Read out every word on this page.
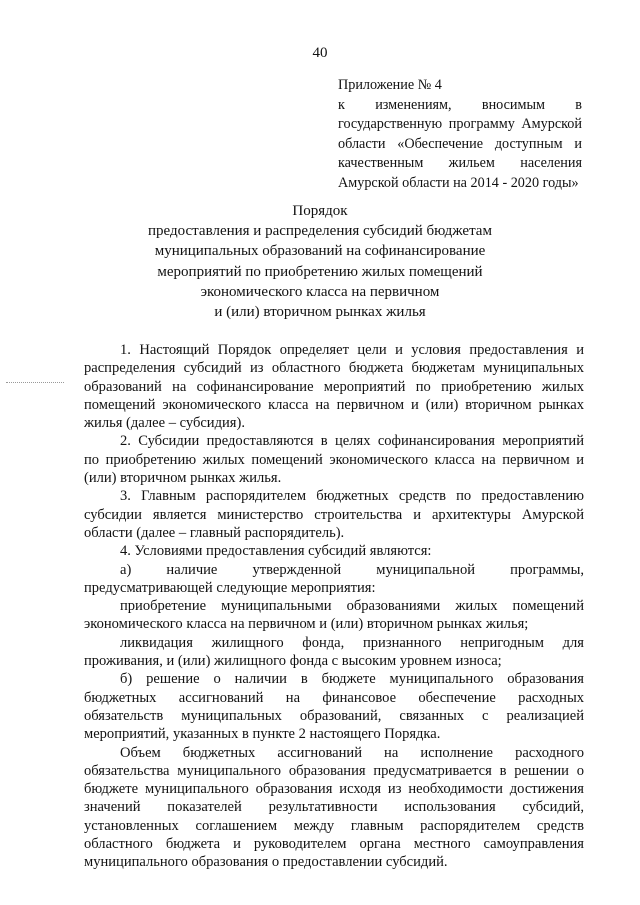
40
Приложение № 4
к изменениям, вносимым в
государственную программу Амурской
области «Обеспечение доступным и
качественным жильем населения
Амурской области на 2014 - 2020 годы»
Порядок
предоставления и распределения субсидий бюджетам
муниципальных образований на софинансирование
мероприятий по приобретению жилых помещений
экономического класса на первичном
и (или) вторичном рынках жилья
1. Настоящий Порядок определяет цели и условия предоставления и
распределения субсидий из областного бюджета бюджетам муниципальных
образований на софинансирование мероприятий по приобретению жилых
помещений экономического класса на первичном и (или) вторичном рынках
жилья (далее – субсидия).
2. Субсидии предоставляются в целях софинансирования мероприятий
по приобретению жилых помещений экономического класса на первичном и
(или) вторичном рынках жилья.
3. Главным распорядителем бюджетных средств по предоставлению
субсидии является министерство строительства и архитектуры Амурской
области (далее – главный распорядитель).
4. Условиями предоставления субсидий являются:
а) наличие утвержденной муниципальной программы,
предусматривающей следующие мероприятия:
приобретение муниципальными образованиями жилых помещений
экономического класса на первичном и (или) вторичном рынках жилья;
ликвидация жилищного фонда, признанного непригодным для
проживания, и (или) жилищного фонда с высоким уровнем износа;
б) решение о наличии в бюджете муниципального образования
бюджетных ассигнований на финансовое обеспечение расходных
обязательств муниципальных образований, связанных с реализацией
мероприятий, указанных в пункте 2 настоящего Порядка.
Объем бюджетных ассигнований на исполнение расходного
обязательства муниципального образования предусматривается в решении о
бюджете муниципального образования исходя из необходимости достижения
значений показателей результативности использования субсидий,
установленных соглашением между главным распорядителем средств
областного бюджета и руководителем органа местного самоуправления
муниципального образования о предоставлении субсидий.
